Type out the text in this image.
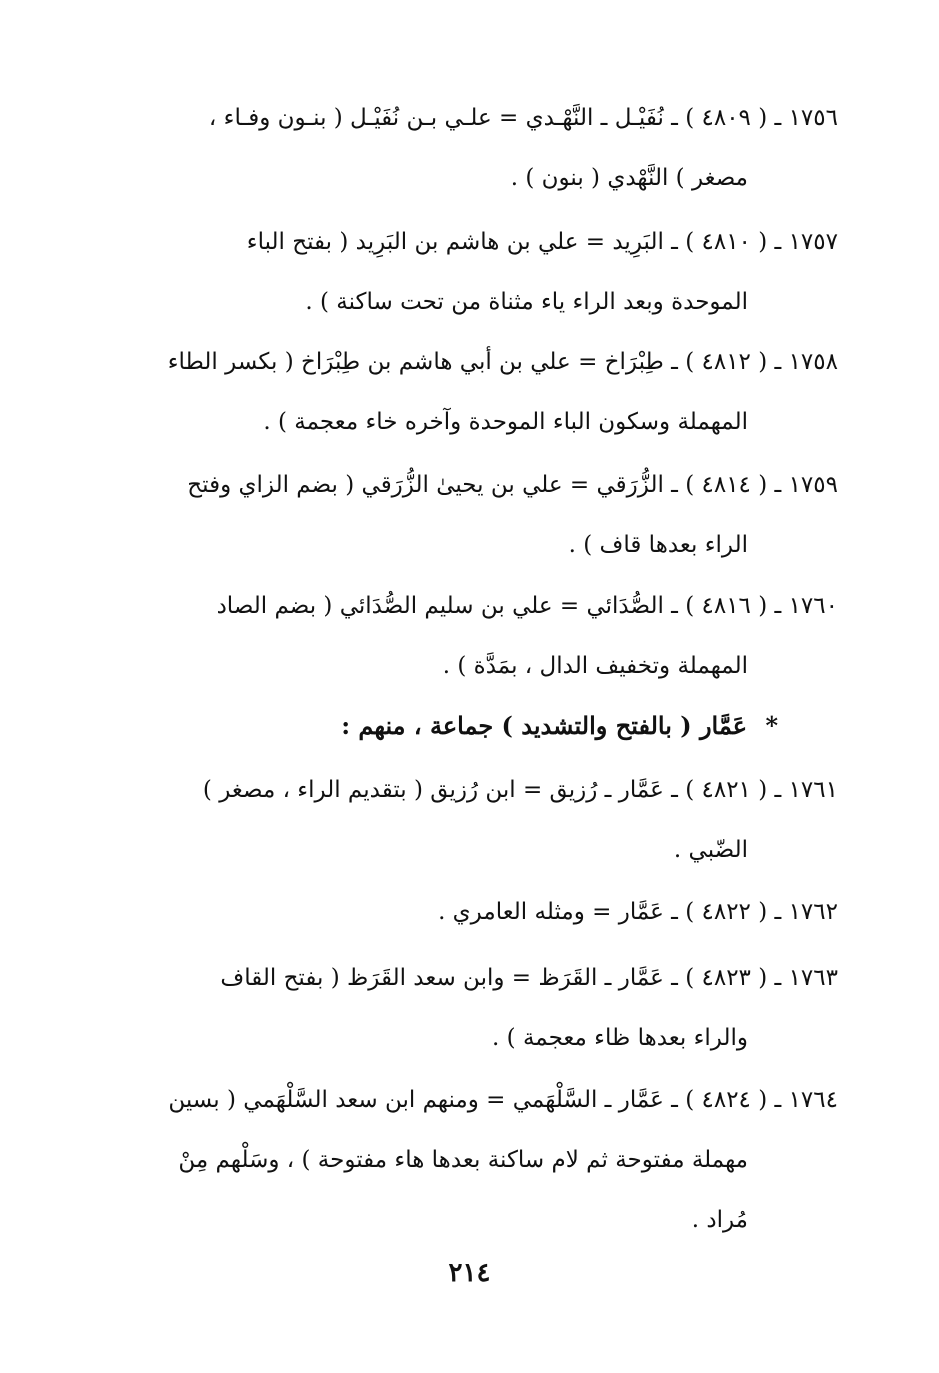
١٧٥٦ ـ ( ٤٨٠٩ ) ـ نُفَيْـل ـ النَّهْـدي = علـي بـن نُفَيْـل ( بنـون وفـاء ،
مصغر ) النَّهْدي ( بنون ) .
١٧٥٧ ـ ( ٤٨١٠ ) ـ البَرِيد = علي بن هاشم بن البَرِيد ( بفتح الباء
الموحدة وبعد الراء ياء مثناة من تحت ساكنة ) .
١٧٥٨ ـ ( ٤٨١٢ ) ـ طِبْرَاخ = علي بن أبي هاشم بن طِبْرَاخ ( بكسر الطاء
المهملة وسكون الباء الموحدة وآخره خاء معجمة ) .
١٧٥٩ ـ ( ٤٨١٤ ) ـ الزُّرَقي = علي بن يحيىٰ الزُّرَقي ( بضم الزاي وفتح
الراء بعدها قاف ) .
١٧٦٠ ـ ( ٤٨١٦ ) ـ الصُّدَائي = علي بن سليم الصُّدَائي ( بضم الصاد
المهملة وتخفيف الدال ، بمَدَّة ) .
* عَمَّار ( بالفتح والتشديد ) جماعة ، منهم :
١٧٦١ ـ ( ٤٨٢١ ) ـ عَمَّار ـ رُزيق = ابن رُزيق ( بتقديم الراء ، مصغر )
الضّبي .
١٧٦٢ ـ ( ٤٨٢٢ ) ـ عَمَّار = ومثله العامري .
١٧٦٣ ـ ( ٤٨٢٣ ) ـ عَمَّار ـ القَرَظ = وابن سعد القَرَظ ( بفتح القاف
والراء بعدها ظاء معجمة ) .
١٧٦٤ ـ ( ٤٨٢٤ ) ـ عَمَّار ـ السَّلْهَمي = ومنهم ابن سعد السَّلْهَمي ( بسين
مهملة مفتوحة ثم لام ساكنة بعدها هاء مفتوحة ) ، وسَلْهم مِنْ
مُراد .
٢١٤
